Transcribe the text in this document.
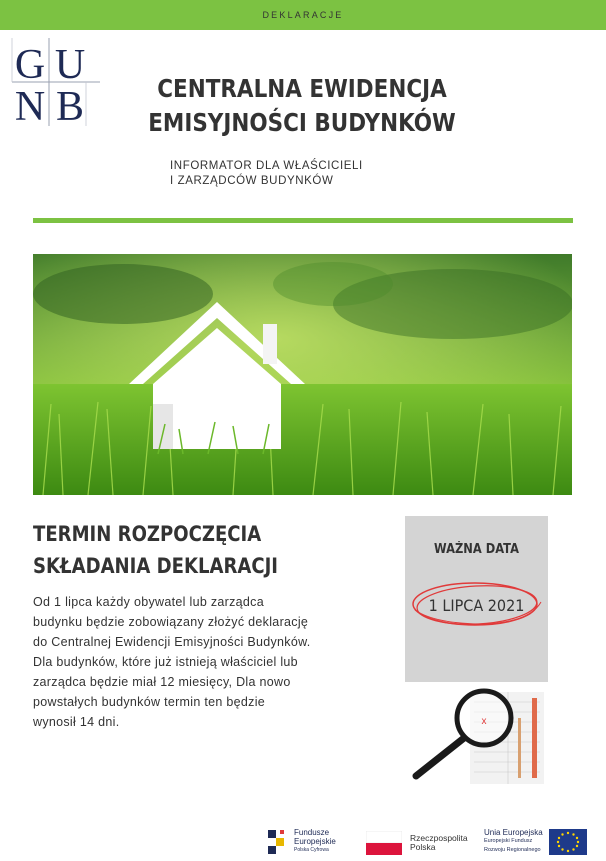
DEKLARACJE
G U
N B	CENTRALNA EWIDENCJA
EMISYJNOŚCI BUDYNKÓW
INFORMATOR DLA WŁAŚCICIELI
I ZARZĄDCÓW BUDYNKÓW
TERMIN ROZPOCZĘCIA
SKŁADANIA DEKLARACJI
Od 1 lipca każdy obywatel lub zarządca
budynku będzie zobowiązany złożyć deklarację
do Centralnej Ewidencji Emisyjności Budynków.
Dla budynków, które już istnieją właściciel lub
zarządca będzie miał 12 miesięcy, Dla nowo
powstałych budynków termin ten będzie
wynosił 14 dni.
WAŻNA DATA
1 LIPCA 2021
x
Fundusze
Europejskie
Polska Cyfrowa
Rzeczpospolita
Polska
Unia Europejska
Europejski Fundusz
Rozwoju Regionalnego
